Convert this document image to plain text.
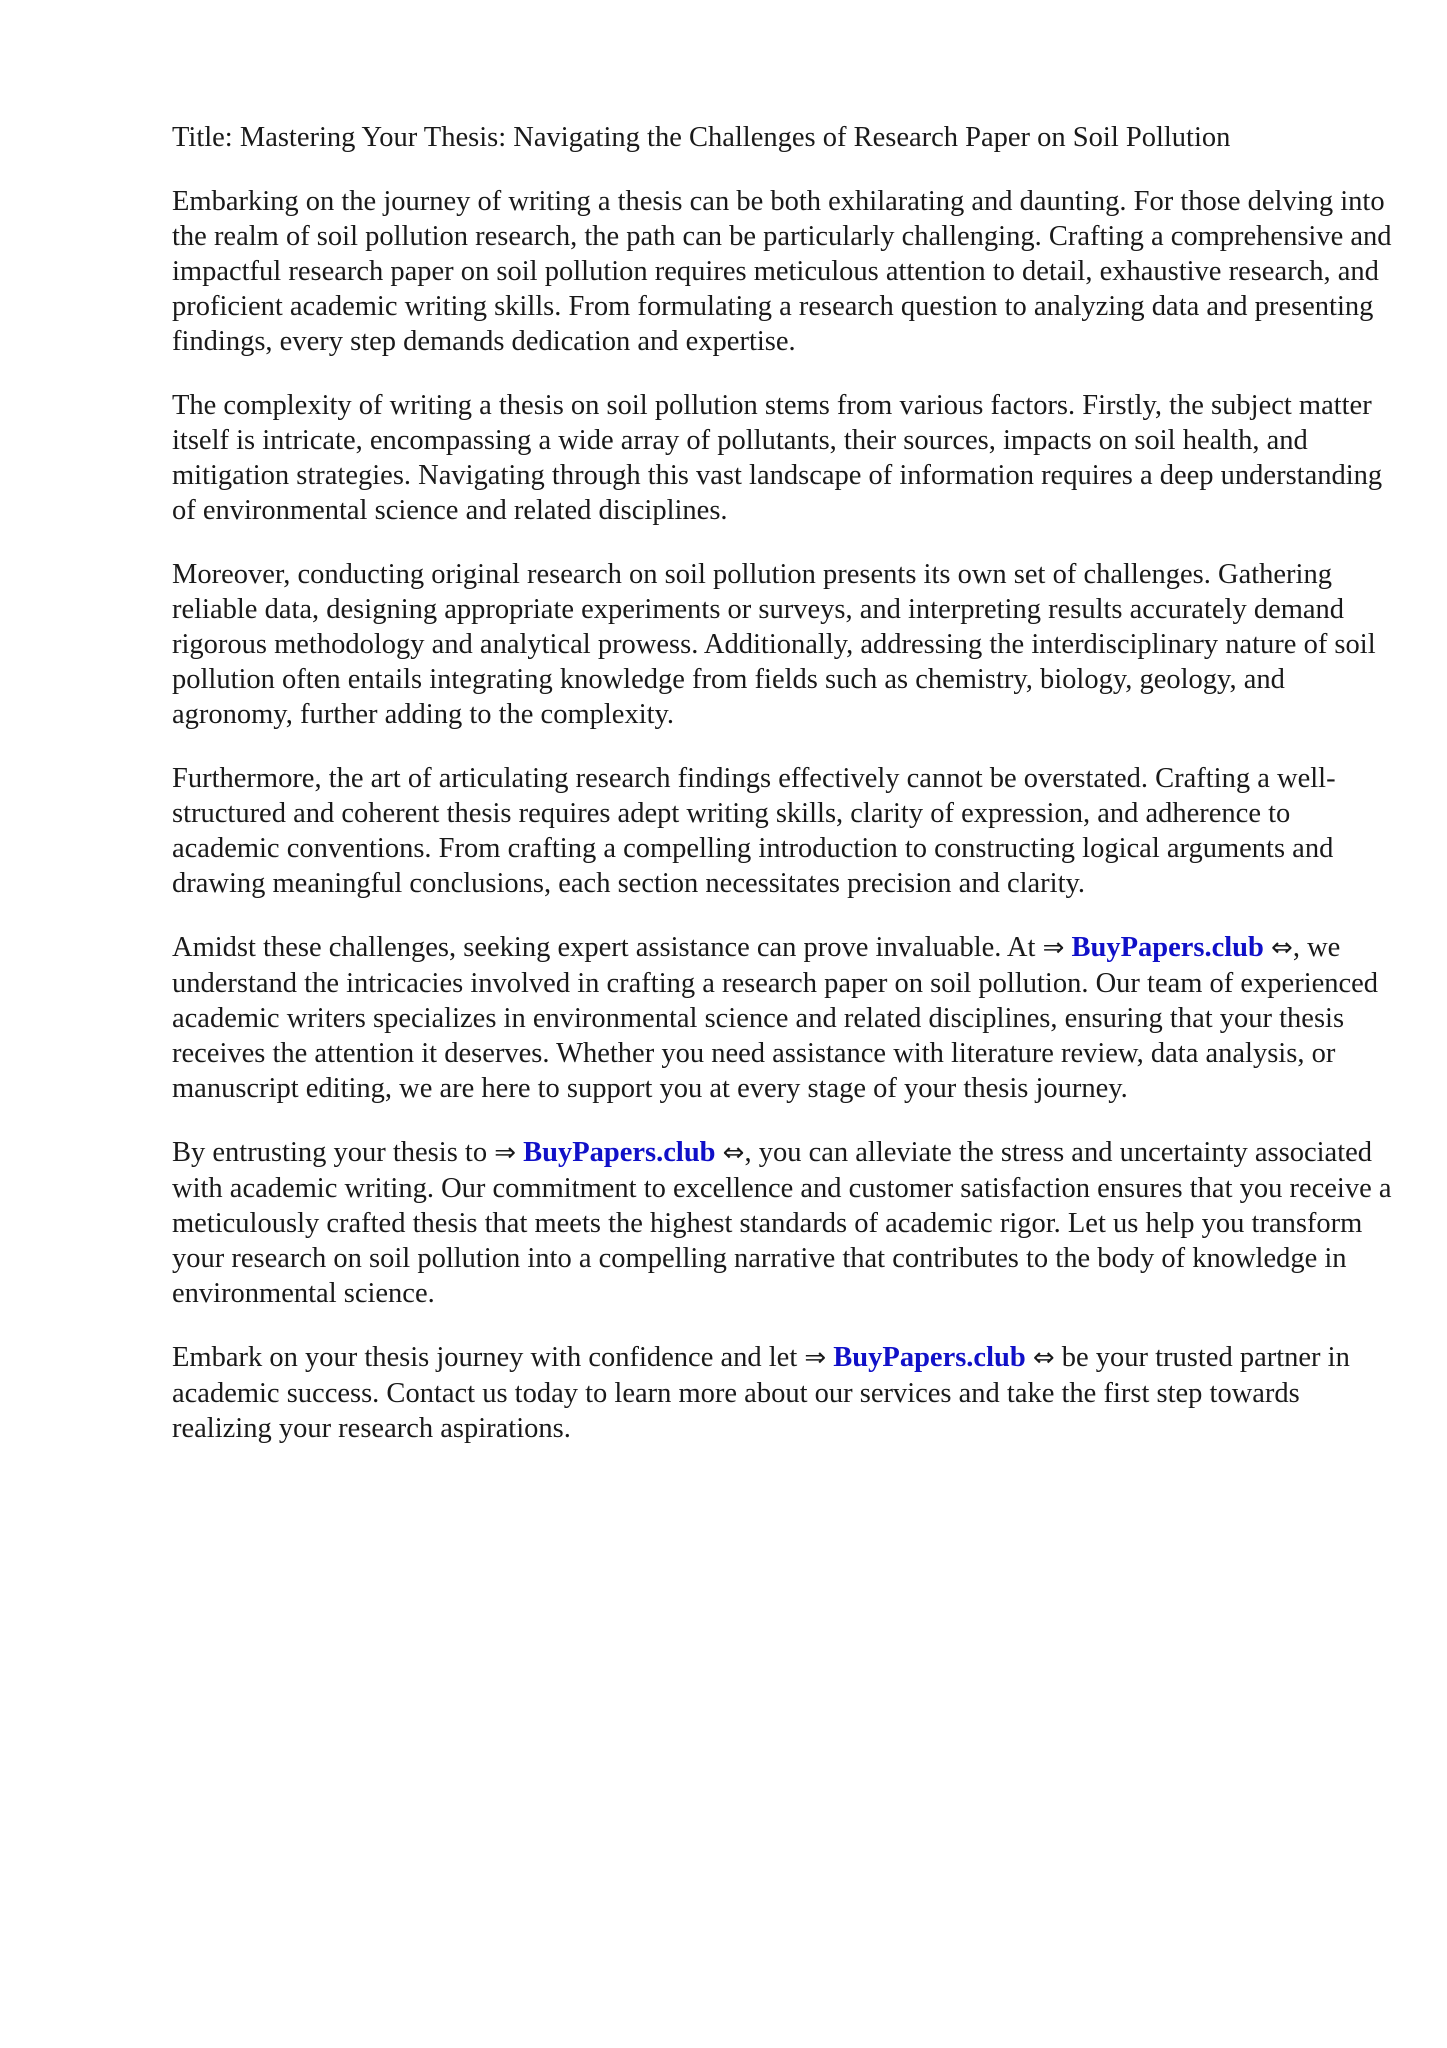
Title: Mastering Your Thesis: Navigating the Challenges of Research Paper on Soil Pollution

Embarking on the journey of writing a thesis can be both exhilarating and daunting. For those delving into the realm of soil pollution research, the path can be particularly challenging. Crafting a comprehensive and impactful research paper on soil pollution requires meticulous attention to detail, exhaustive research, and proficient academic writing skills. From formulating a research question to analyzing data and presenting findings, every step demands dedication and expertise.

The complexity of writing a thesis on soil pollution stems from various factors. Firstly, the subject matter itself is intricate, encompassing a wide array of pollutants, their sources, impacts on soil health, and mitigation strategies. Navigating through this vast landscape of information requires a deep understanding of environmental science and related disciplines.

Moreover, conducting original research on soil pollution presents its own set of challenges. Gathering reliable data, designing appropriate experiments or surveys, and interpreting results accurately demand rigorous methodology and analytical prowess. Additionally, addressing the interdisciplinary nature of soil pollution often entails integrating knowledge from fields such as chemistry, biology, geology, and agronomy, further adding to the complexity.

Furthermore, the art of articulating research findings effectively cannot be overstated. Crafting a well-structured and coherent thesis requires adept writing skills, clarity of expression, and adherence to academic conventions. From crafting a compelling introduction to constructing logical arguments and drawing meaningful conclusions, each section necessitates precision and clarity.

Amidst these challenges, seeking expert assistance can prove invaluable. At ⇒ BuyPapers.club ⇔, we understand the intricacies involved in crafting a research paper on soil pollution. Our team of experienced academic writers specializes in environmental science and related disciplines, ensuring that your thesis receives the attention it deserves. Whether you need assistance with literature review, data analysis, or manuscript editing, we are here to support you at every stage of your thesis journey.

By entrusting your thesis to ⇒ BuyPapers.club ⇔, you can alleviate the stress and uncertainty associated with academic writing. Our commitment to excellence and customer satisfaction ensures that you receive a meticulously crafted thesis that meets the highest standards of academic rigor. Let us help you transform your research on soil pollution into a compelling narrative that contributes to the body of knowledge in environmental science.

Embark on your thesis journey with confidence and let ⇒ BuyPapers.club ⇔ be your trusted partner in academic success. Contact us today to learn more about our services and take the first step towards realizing your research aspirations.
